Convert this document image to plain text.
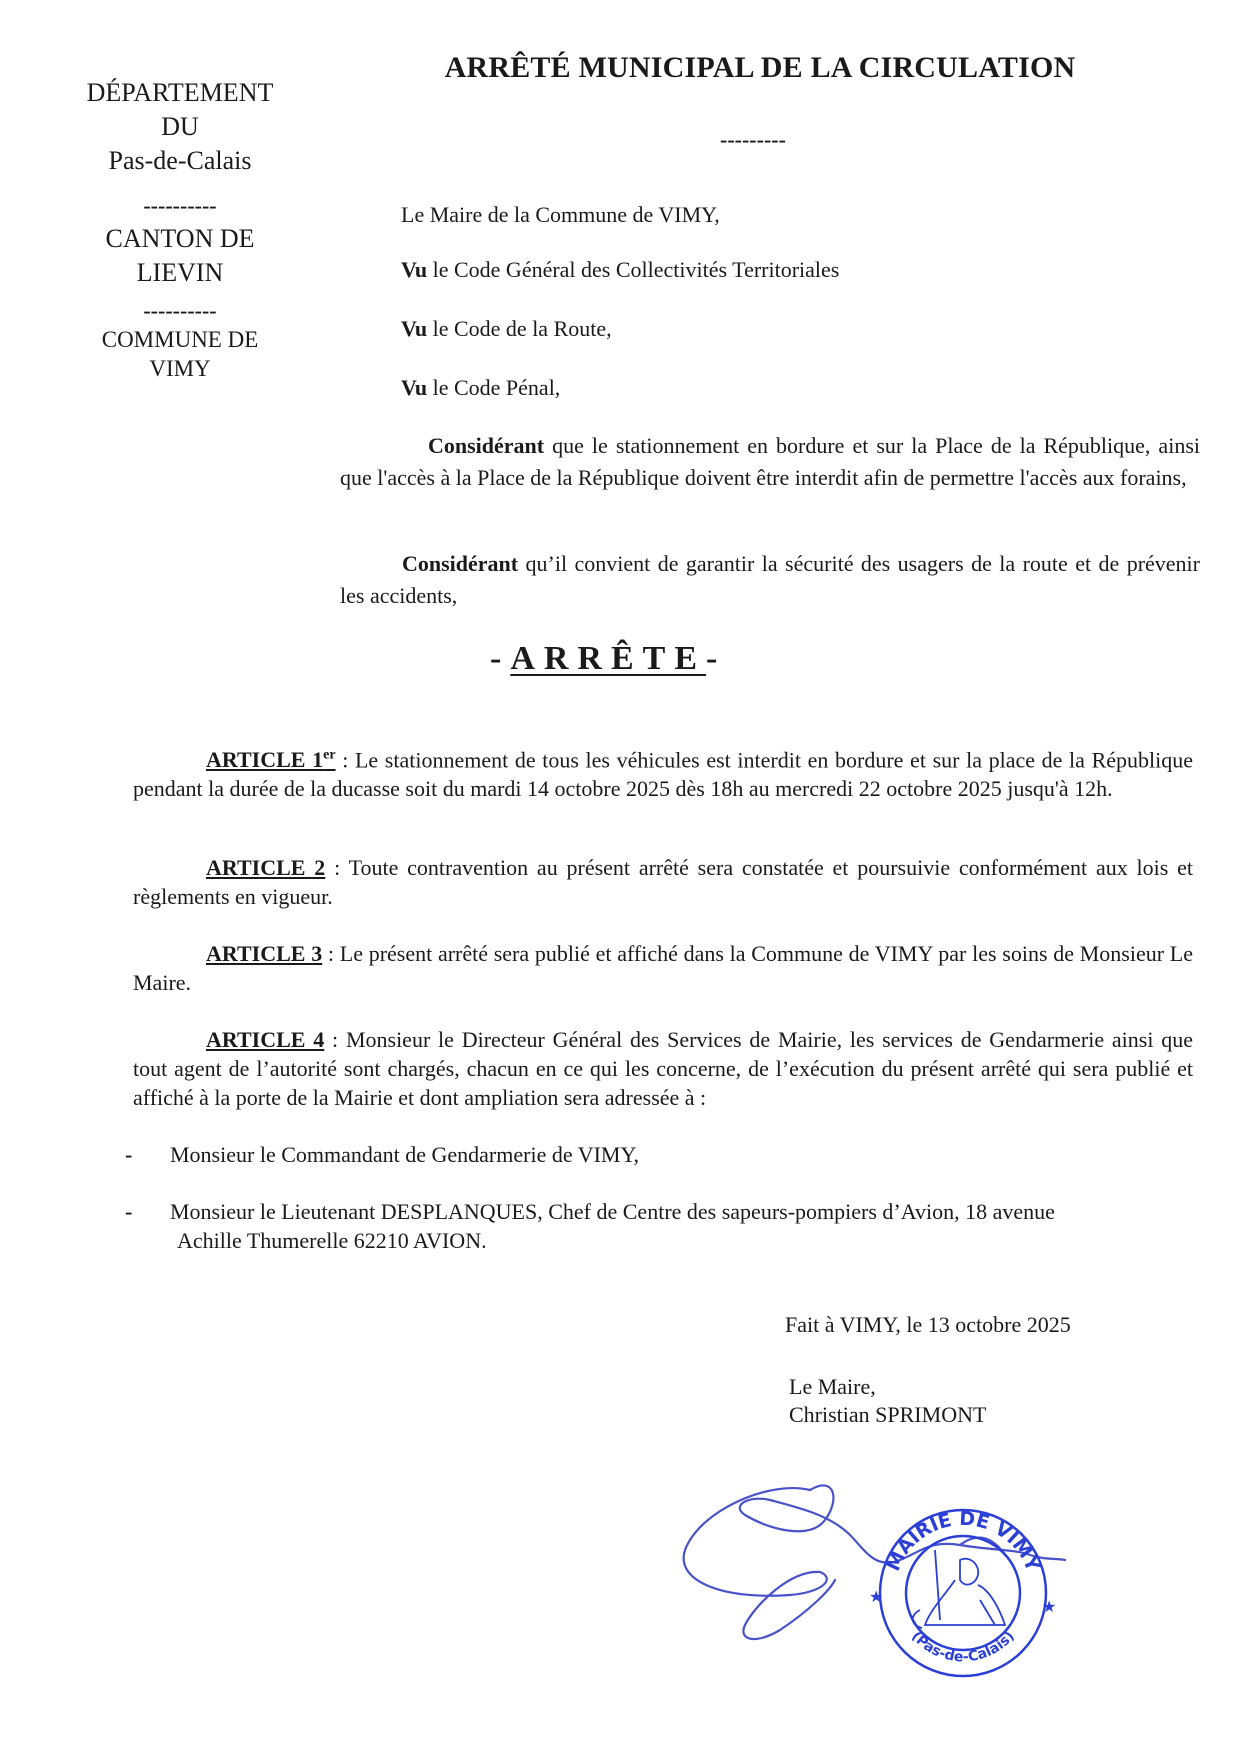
DÉPARTEMENT
DU
Pas-de-Calais
----------
CANTON DE
LIEVIN
----------
COMMUNE DE
VIMY
ARRÊTÉ MUNICIPAL DE LA CIRCULATION
---------
Le Maire de la Commune de VIMY,
Vu le Code Général des Collectivités Territoriales
Vu le Code de la Route,
Vu le Code Pénal,
Considérant que le stationnement en bordure et sur la Place de la République, ainsi que l'accès à la Place de la République doivent être interdit afin de permettre l'accès aux forains,
Considérant qu’il convient de garantir la sécurité des usagers de la route et de prévenir les accidents,
-ARRÊTE-
ARTICLE 1er : Le stationnement de tous les véhicules est interdit en bordure et sur la place de la République pendant la durée de la ducasse soit du mardi 14 octobre 2025 dès 18h au mercredi 22 octobre 2025 jusqu'à 12h.
ARTICLE 2 : Toute contravention au présent arrêté sera constatée et poursuivie conformément aux lois et règlements en vigueur.
ARTICLE 3 : Le présent arrêté sera publié et affiché dans la Commune de VIMY par les soins de Monsieur Le Maire.
ARTICLE 4 : Monsieur le Directeur Général des Services de Mairie, les services de Gendarmerie ainsi que tout agent de l’autorité sont chargés, chacun en ce qui les concerne, de l’exécution du présent arrêté qui sera publié et affiché à la porte de la Mairie et dont ampliation sera adressée à :
-	Monsieur le Commandant de Gendarmerie de VIMY,
-	Monsieur le Lieutenant DESPLANQUES, Chef de Centre des sapeurs-pompiers d’Avion, 18 avenue
Achille Thumerelle 62210 AVION.
Fait à VIMY, le 13 octobre 2025
Le Maire,
Christian SPRIMONT
MAIRIE DE VIMY
(Pas-de-Calais)
★
★
